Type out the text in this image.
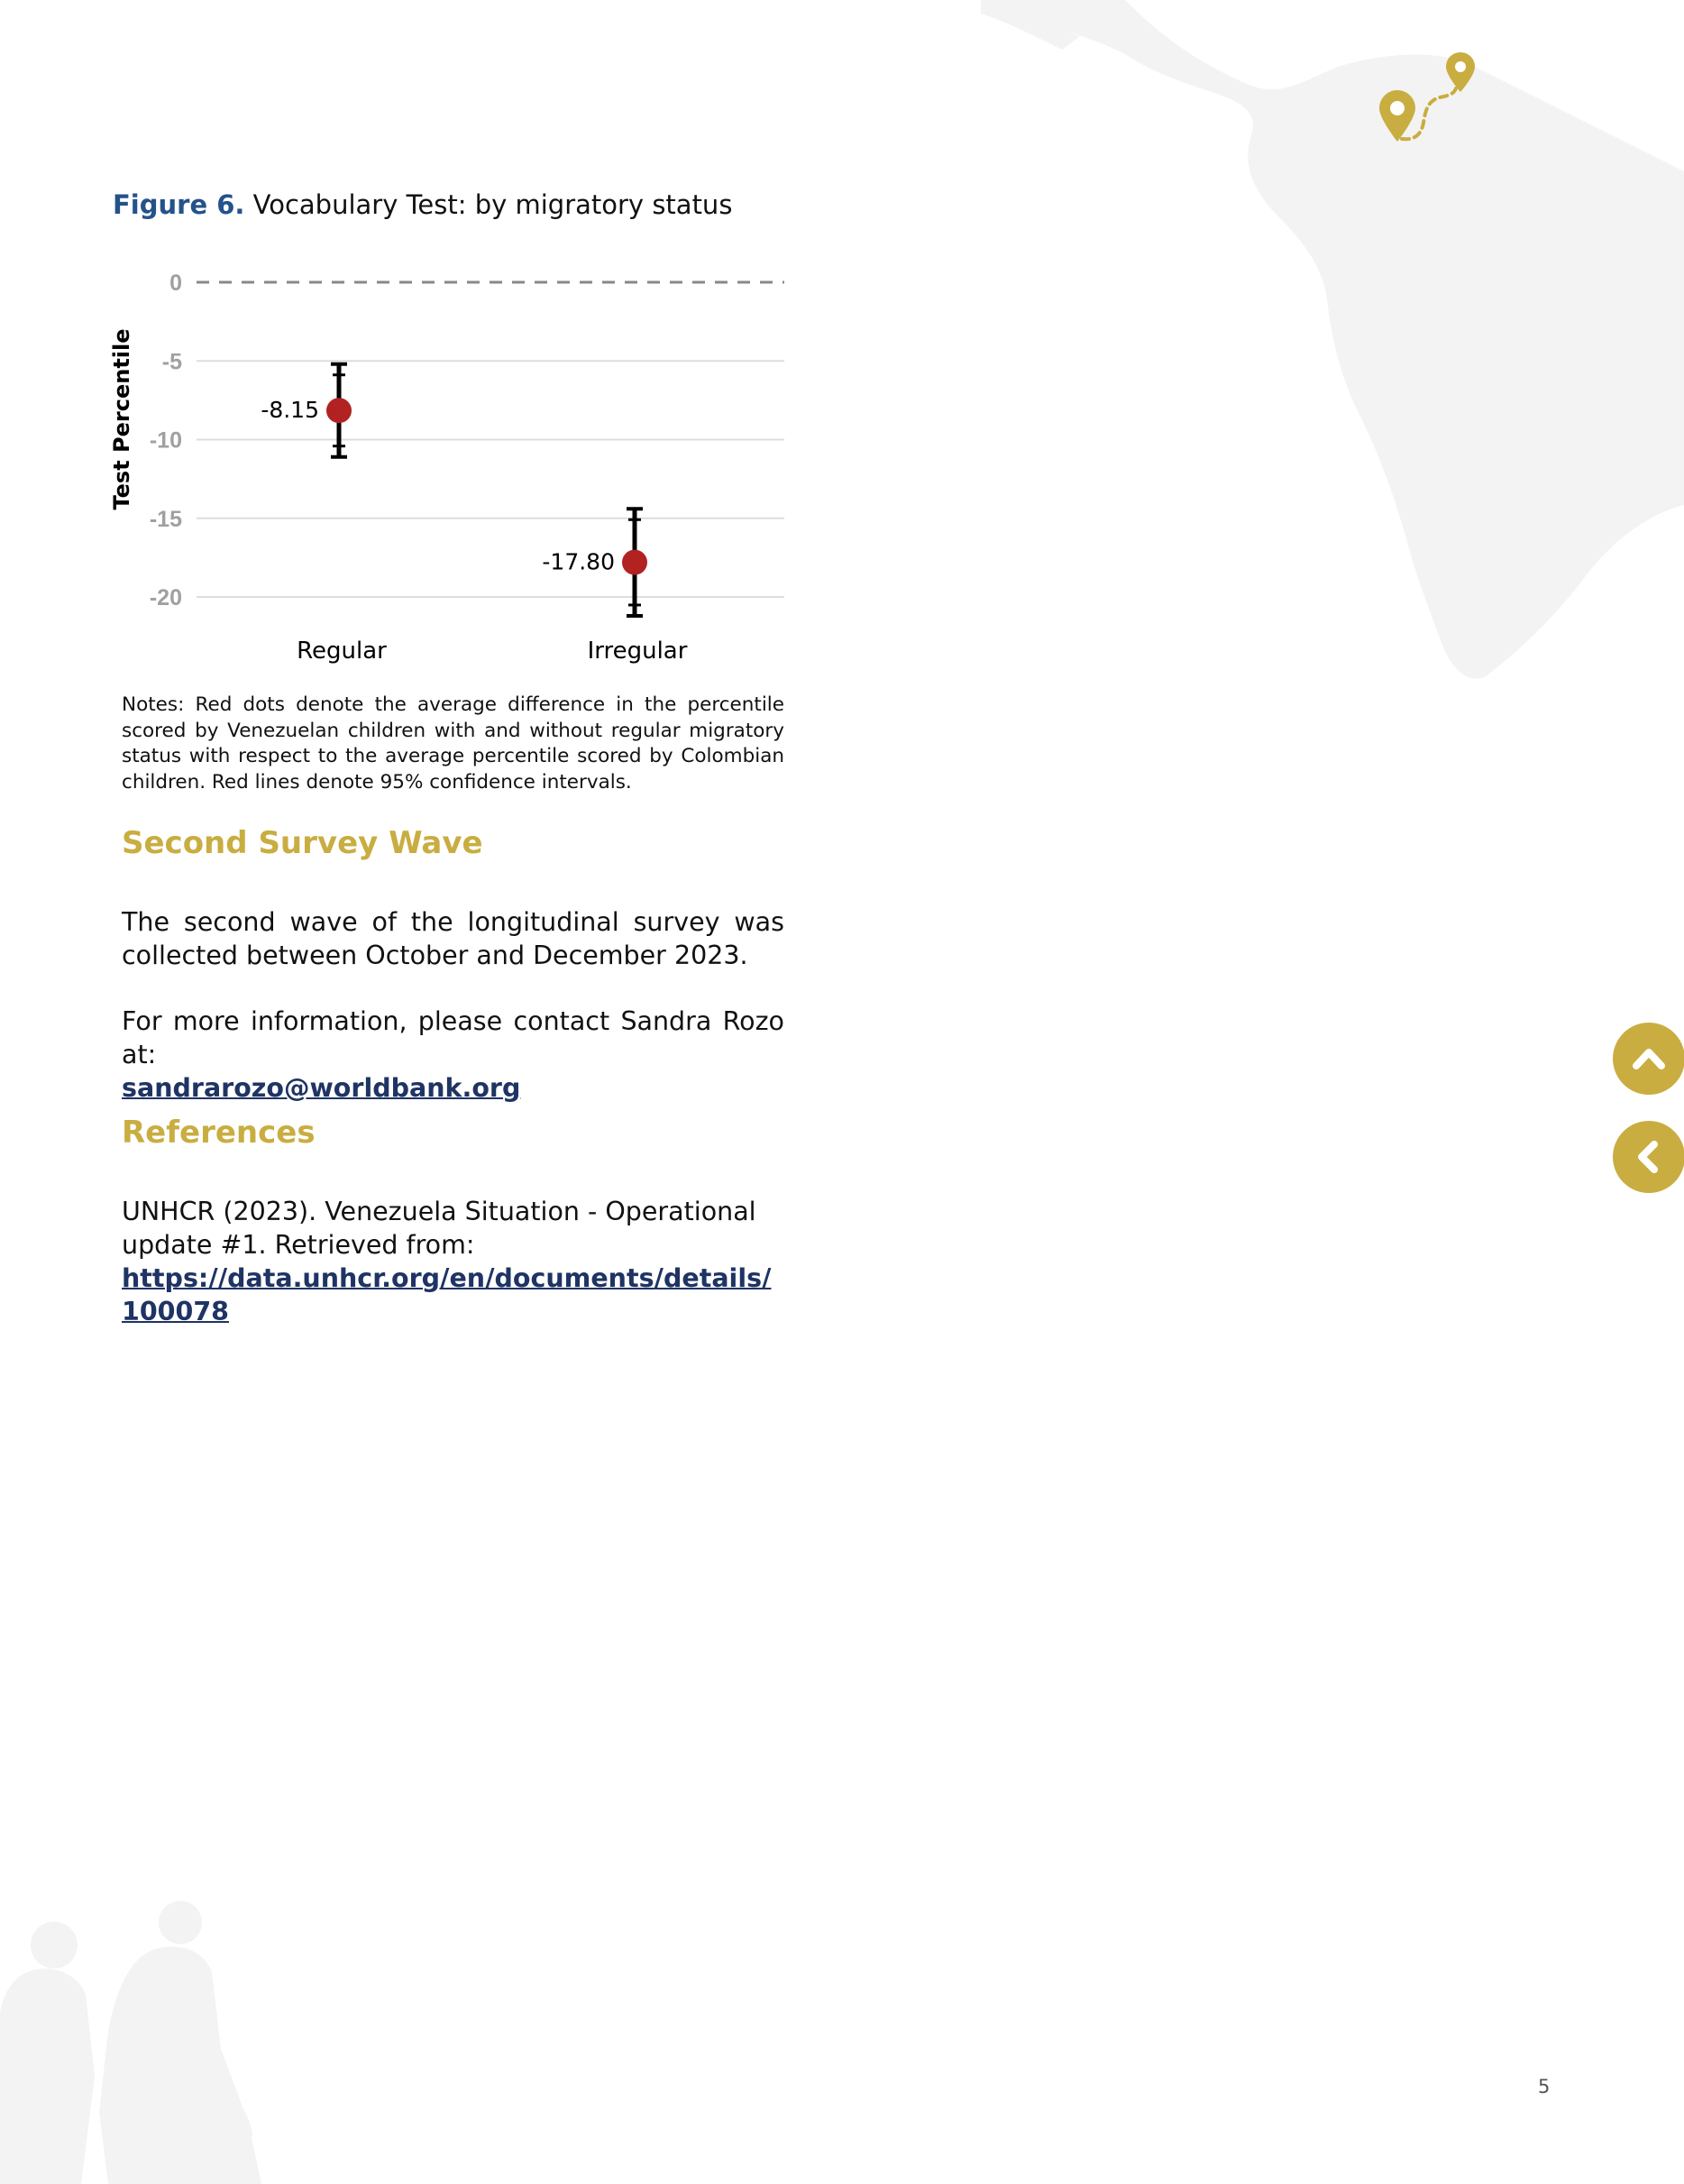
Figure 6. Vocabulary Test: by migratory status
0
-5
-10
-15
-20
Test Percentile	-8.15
-17.80
Regular	Irregular
Notes: Red dots denote the average difference in the percentile scored by Venezuelan children with and without regular migratory status with respect to the average percentile scored by Colombian children. Red lines denote 95% confidence intervals.
Second Survey Wave
The second wave of the longitudinal survey was collected between October and December 2023.
For more information, please contact Sandra Rozo at:
sandrarozo@worldbank.org
References
UNHCR (2023). Venezuela Situation - Operational update #1. Retrieved from:
https://data.unhcr.org/en/documents/details/100078
5
